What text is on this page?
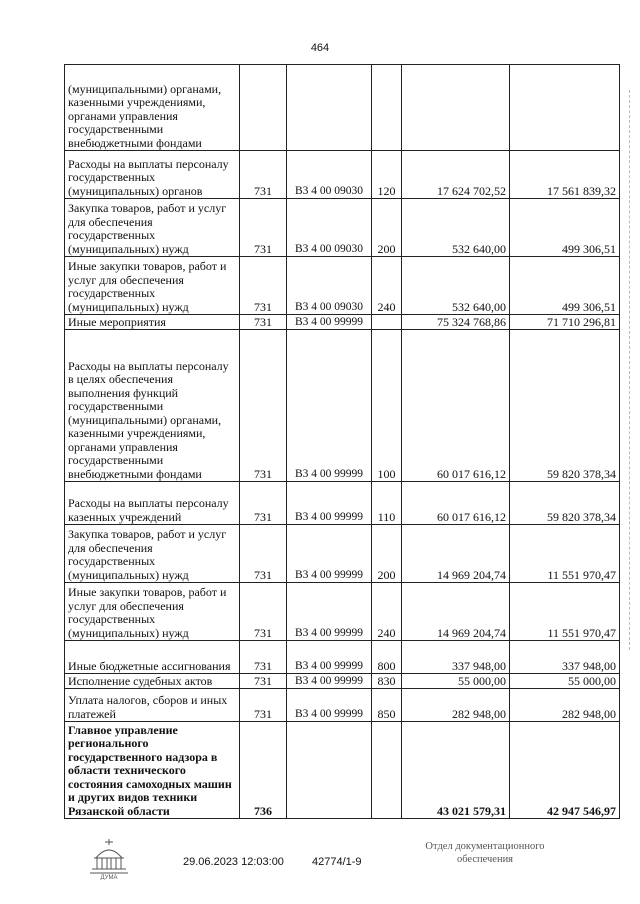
464
(муниципальными) органами, казенными учреждениями, органами управления государственными внебюджетными фондами					
Расходы на выплаты персоналу государственных (муниципальных) органов	731	В3 4 00 09030	120	17 624 702,52	17 561 839,32
Закупка товаров, работ и услуг для обеспечения государственных (муниципальных) нужд	731	В3 4 00 09030	200	532 640,00	499 306,51
Иные закупки товаров, работ и услуг для обеспечения государственных (муниципальных) нужд	731	В3 4 00 09030	240	532 640,00	499 306,51
Иные мероприятия	731	В3 4 00 99999		75 324 768,86	71 710 296,81
Расходы на выплаты персоналу в целях обеспечения выполнения функций государственными (муниципальными) органами, казенными учреждениями, органами управления государственными внебюджетными фондами	731	В3 4 00 99999	100	60 017 616,12	59 820 378,34
Расходы на выплаты персоналу казенных учреждений	731	В3 4 00 99999	110	60 017 616,12	59 820 378,34
Закупка товаров, работ и услуг для обеспечения государственных (муниципальных) нужд	731	В3 4 00 99999	200	14 969 204,74	11 551 970,47
Иные закупки товаров, работ и услуг для обеспечения государственных (муниципальных) нужд	731	В3 4 00 99999	240	14 969 204,74	11 551 970,47
Иные бюджетные ассигнования	731	В3 4 00 99999	800	337 948,00	337 948,00
Исполнение судебных актов	731	В3 4 00 99999	830	55 000,00	55 000,00
Уплата налогов, сборов и иных платежей	731	В3 4 00 99999	850	282 948,00	282 948,00
Главное управление регионального государственного надзора в области технического состояния самоходных машин и других видов техники Рязанской области	736			43 021 579,31	42 947 546,97
ДУМА
29.06.2023 12:03:00	42774/1-9
Отдел документационного
обеспечения
